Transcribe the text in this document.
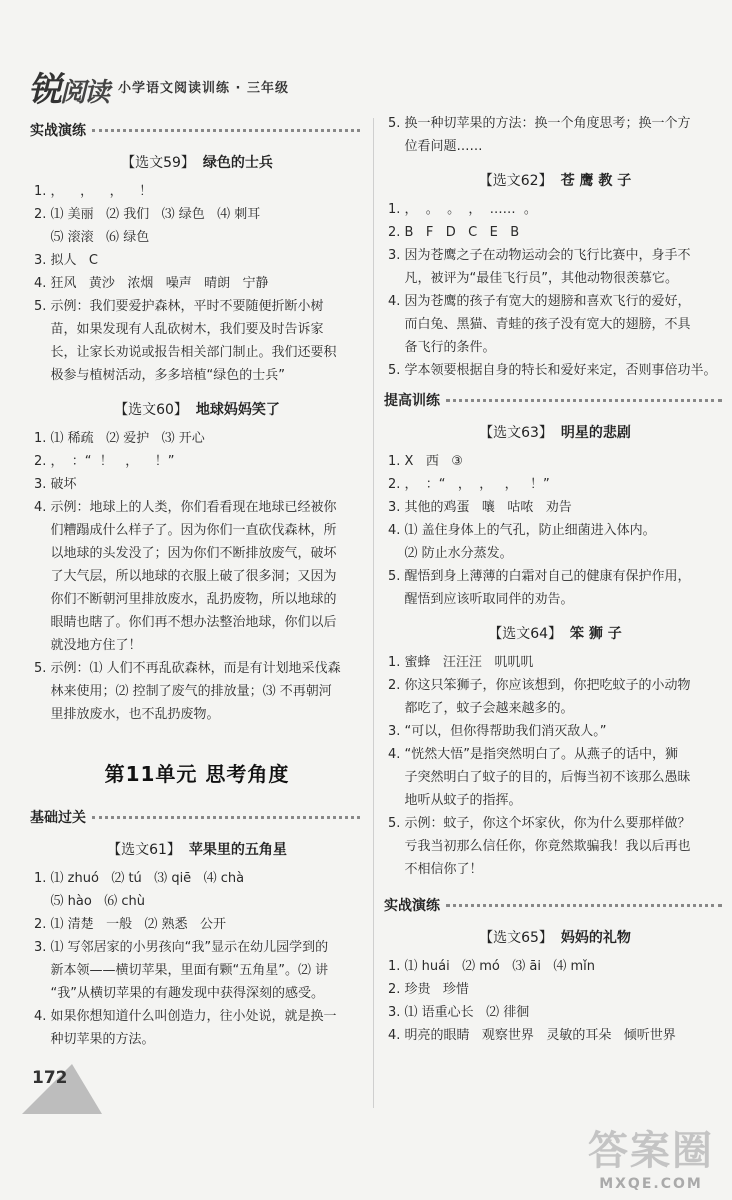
锐阅读 小学语文阅读训练 · 三年级
实战演练
【选文59】 绿色的士兵
1. ，    ，    ，    ！
2. ⑴ 美丽   ⑵ 我们   ⑶ 绿色   ⑷ 刺耳
⑸ 滚滚   ⑹ 绿色
3. 拟人   C
4. 狂风   黄沙   浓烟   噪声   晴朗   宁静
5. 示例：我们要爱护森林，平时不要随便折断小树
苗，如果发现有人乱砍树木，我们要及时告诉家
长，让家长劝说或报告相关部门制止。我们还要积
极参与植树活动，多多培植“绿色的士兵”
【选文60】 地球妈妈笑了
1. ⑴ 稀疏   ⑵ 爱护   ⑶ 开心
2. ，  ：“  ！   ，    ！”
3. 破坏
4. 示例：地球上的人类，你们看看现在地球已经被你
们糟蹋成什么样子了。因为你们一直砍伐森林，所
以地球的头发没了；因为你们不断排放废气，破坏
了大气层，所以地球的衣服上破了很多洞；又因为
你们不断朝河里排放废水，乱扔废物，所以地球的
眼睛也瞎了。你们再不想办法整治地球，你们以后
就没地方住了！
5. 示例：⑴ 人们不再乱砍森林，而是有计划地采伐森
林来使用；⑵ 控制了废气的排放量；⑶ 不再朝河
里排放废水，也不乱扔废物。
第11单元 思考角度
基础过关
【选文61】 苹果里的五角星
1. ⑴ zhuó   ⑵ tú   ⑶ qiē   ⑷ chà
⑸ hào   ⑹ chù
2. ⑴ 清楚   一般   ⑵ 熟悉   公开
3. ⑴ 写邻居家的小男孩向“我”显示在幼儿园学到的
新本领——横切苹果，里面有颗“五角星”。⑵ 讲
“我”从横切苹果的有趣发现中获得深刻的感受。
4. 如果你想知道什么叫创造力，往小处说，就是换一
种切苹果的方法。
5. 换一种切苹果的方法：换一个角度思考；换一个方
位看问题……
【选文62】 苍 鹰 教 子
1. ，  。  。  ，  ……  。
2. B   F   D   C   E   B
3. 因为苍鹰之子在动物运动会的飞行比赛中，身手不
凡，被评为“最佳飞行员”，其他动物很羡慕它。
4. 因为苍鹰的孩子有宽大的翅膀和喜欢飞行的爱好，
而白兔、黑猫、青蛙的孩子没有宽大的翅膀，不具
备飞行的条件。
5. 学本领要根据自身的特长和爱好来定，否则事倍功半。
提高训练
【选文63】 明星的悲剧
1. X   西   ③
2. ，  ：“   ，  ，   ，   ！”
3. 其他的鸡蛋   嚷   咕哝   劝告
4. ⑴ 盖住身体上的气孔，防止细菌进入体内。
⑵ 防止水分蒸发。
5. 醒悟到身上薄薄的白霜对自己的健康有保护作用，
醒悟到应该听取同伴的劝告。
【选文64】 笨 狮 子
1. 蜜蜂   汪汪汪   叽叽叽
2. 你这只笨狮子，你应该想到，你把吃蚊子的小动物
都吃了，蚊子会越来越多的。
3. “可以，但你得帮助我们消灭敌人。”
4. “恍然大悟”是指突然明白了。从燕子的话中，狮
子突然明白了蚊子的目的，后悔当初不该那么愚昧
地听从蚊子的指挥。
5. 示例：蚊子，你这个坏家伙，你为什么要那样做？
亏我当初那么信任你，你竟然欺骗我！我以后再也
不相信你了！
实战演练
【选文65】 妈妈的礼物
1. ⑴ huái   ⑵ mó   ⑶ āi   ⑷ mǐn
2. 珍贵   珍惜
3. ⑴ 语重心长   ⑵ 徘徊
4. 明亮的眼睛   观察世界   灵敏的耳朵   倾听世界
172
答案圈
MXQE.COM
